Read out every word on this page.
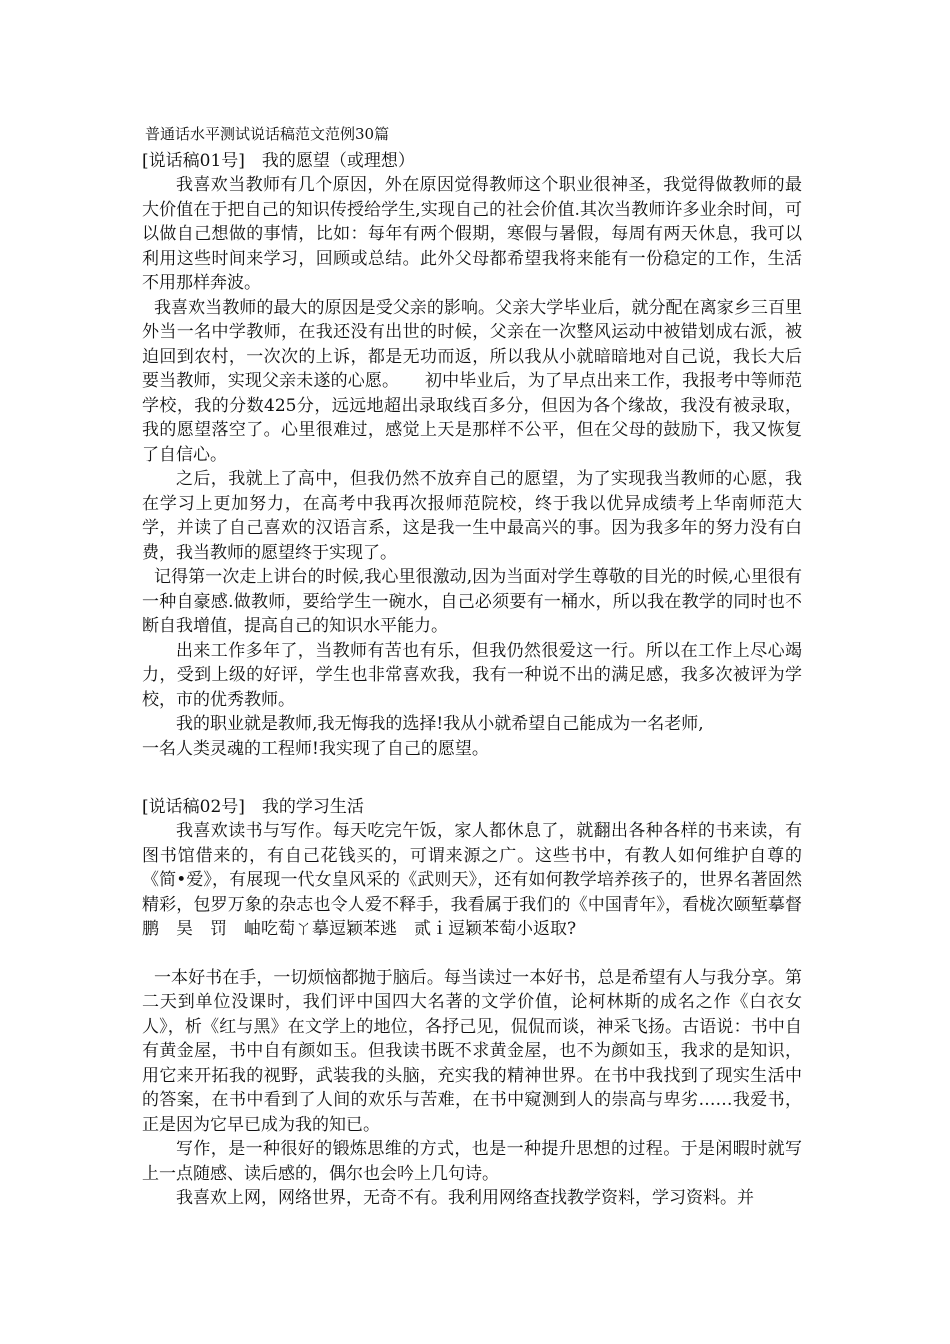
普通话水平测试说话稿范文范例30篇
[说话稿01号]　我的愿望（或理想）

我喜欢当教师有几个原因，外在原因觉得教师这个职业很神圣，我觉得做教师的最大价值在于把自己的知识传授给学生,实现自己的社会价值.其次当教师许多业余时间，可以做自己想做的事情，比如：每年有两个假期，寒假与暑假，每周有两天休息，我可以利用这些时间来学习，回顾或总结。此外父母都希望我将来能有一份稳定的工作，生活不用那样奔波。

我喜欢当教师的最大的原因是受父亲的影响。父亲大学毕业后，就分配在离家乡三百里外当一名中学教师，在我还没有出世的时候，父亲在一次整风运动中被错划成右派，被迫回到农村，一次次的上诉，都是无功而返，所以我从小就暗暗地对自己说，我长大后要当教师，实现父亲未遂的心愿。　　初中毕业后，为了早点出来工作，我报考中等师范学校，我的分数425分，远远地超出录取线百多分，但因为各个缘故，我没有被录取，我的愿望落空了。心里很难过，感觉上天是那样不公平，但在父母的鼓励下，我又恢复了自信心。

之后，我就上了高中，但我仍然不放弃自己的愿望，为了实现我当教师的心愿，我在学习上更加努力，在高考中我再次报师范院校，终于我以优异成绩考上华南师范大学，并读了自己喜欢的汉语言系，这是我一生中最高兴的事。因为我多年的努力没有白费，我当教师的愿望终于实现了。

记得第一次走上讲台的时候,我心里很激动,因为当面对学生尊敬的目光的时候,心里很有一种自豪感.做教师，要给学生一碗水，自己必须要有一桶水，所以我在教学的同时也不断自我增值，提高自己的知识水平能力。

出来工作多年了，当教师有苦也有乐，但我仍然很爱这一行。所以在工作上尽心竭力，受到上级的好评，学生也非常喜欢我，我有一种说不出的满足感，我多次被评为学校，市的优秀教师。

我的职业就是教师,我无悔我的选择!我从小就希望自己能成为一名老师,

一名人类灵魂的工程师!我实现了自己的愿望。

[说话稿02号]　我的学习生活

我喜欢读书与写作。每天吃完午饭，家人都休息了，就翻出各种各样的书来读，有图书馆借来的，有自己花钱买的，可谓来源之广。这些书中，有教人如何维护自尊的《简•爱》，有展现一代女皇风采的《武则天》，还有如何教学培养孩子的，世界名著固然精彩，包罗万象的杂志也令人爱不释手，我看属于我们的《中国青年》，看栊次颐堑摹督鹏　昊　罚　岫吃萄ㄚ摹逗颖苯逃　贰ｉ逗颖苯萄小返取?

一本好书在手，一切烦恼都抛于脑后。每当读过一本好书，总是希望有人与我分享。第二天到单位没课时，我们评中国四大名著的文学价值，论柯林斯的成名之作《白衣女人》，析《红与黑》在文学上的地位，各抒己见，侃侃而谈，神采飞扬。古语说：书中自有黄金屋，书中自有颜如玉。但我读书既不求黄金屋，也不为颜如玉，我求的是知识，用它来开拓我的视野，武装我的头脑，充实我的精神世界。在书中我找到了现实生活中的答案，在书中看到了人间的欢乐与苦难，在书中窥测到人的崇高与卑劣……我爱书，正是因为它早已成为我的知已。

写作，是一种很好的锻炼思维的方式，也是一种提升思想的过程。于是闲暇时就写上一点随感、读后感的，偶尔也会吟上几句诗。

我喜欢上网，网络世界，无奇不有。我利用网络查找教学资料，学习资料。并
